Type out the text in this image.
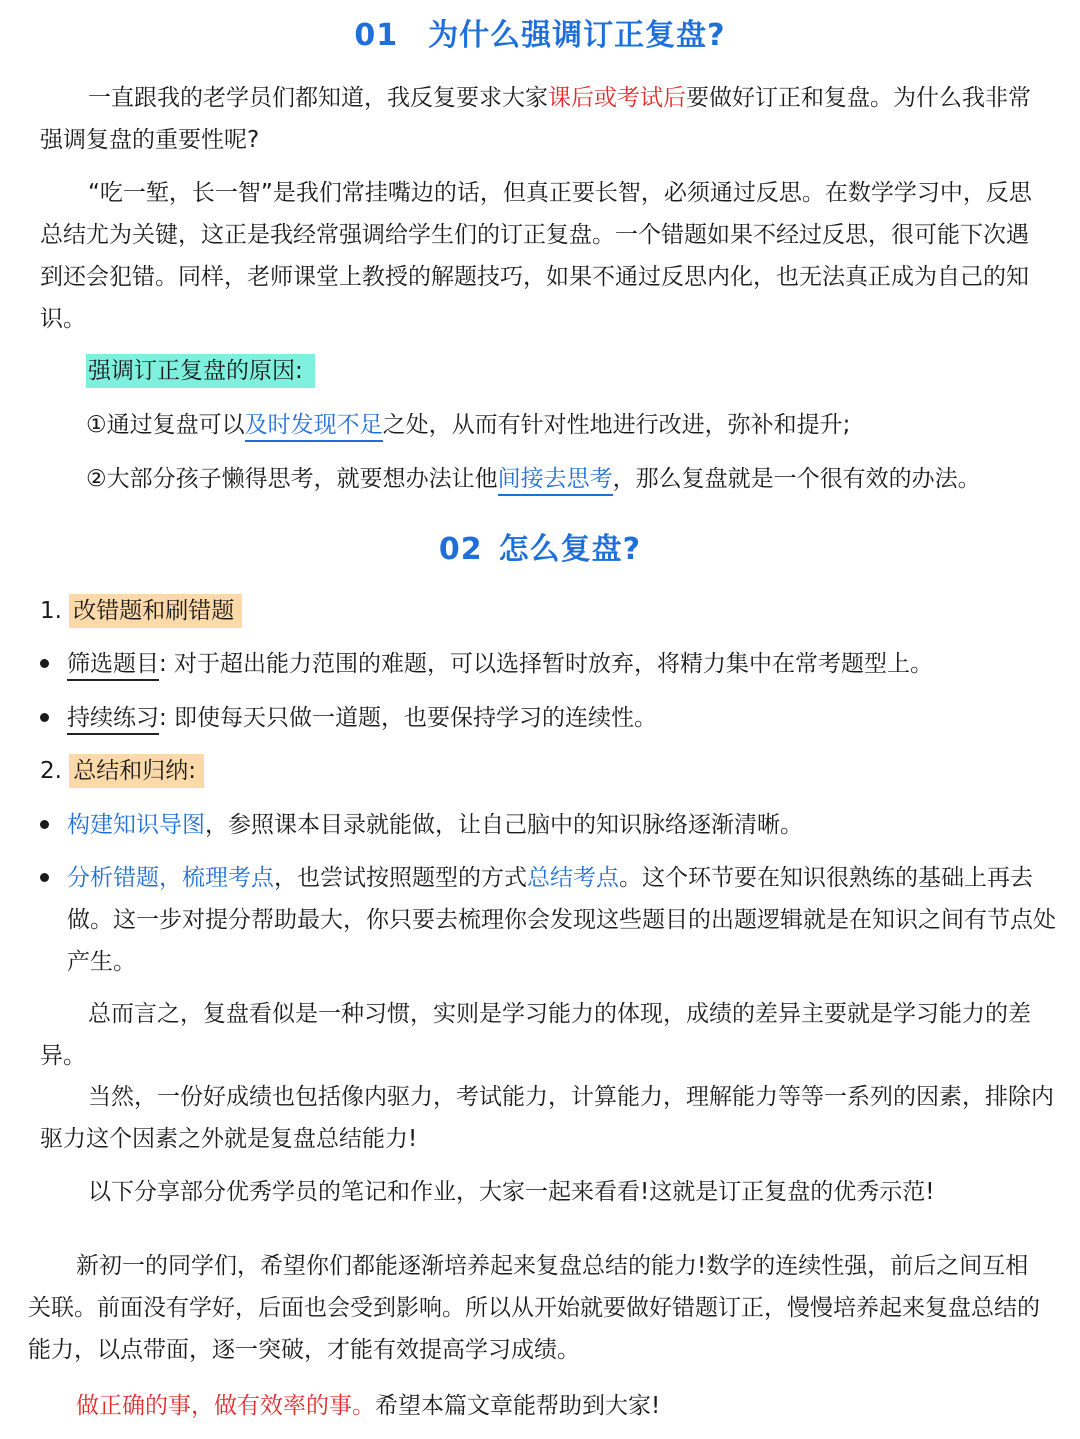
01 为什么强调订正复盘?

一直跟我的老学员们都知道，我反复要求大家课后或考试后要做好订正和复盘。为什么我非常强调复盘的重要性呢?

“吃一堑，长一智”是我们常挂嘴边的话，但真正要长智，必须通过反思。在数学学习中，反思总结尤为关键，这正是我经常强调给学生们的订正复盘。一个错题如果不经过反思，很可能下次遇到还会犯错。同样，老师课堂上教授的解题技巧，如果不通过反思内化，也无法真正成为自己的知识。

强调订正复盘的原因:

①通过复盘可以及时发现不足之处，从而有针对性地进行改进，弥补和提升;

②大部分孩子懒得思考，就要想办法让他间接去思考，那么复盘就是一个很有效的办法。

02 怎么复盘?
1. 改错题和刷错题

筛选题目: 对于超出能力范围的难题，可以选择暂时放弃，将精力集中在常考题型上。

持续练习: 即使每天只做一道题，也要保持学习的连续性。

2. 总结和归纳:

构建知识导图，参照课本目录就能做，让自己脑中的知识脉络逐渐清晰。

分析错题，梳理考点，也尝试按照题型的方式总结考点。这个环节要在知识很熟练的基础上再去做。这一步对提分帮助最大，你只要去梳理你会发现这些题目的出题逻辑就是在知识之间有节点处产生。

总而言之，复盘看似是一种习惯，实则是学习能力的体现，成绩的差异主要就是学习能力的差异。

当然，一份好成绩也包括像内驱力，考试能力，计算能力，理解能力等等一系列的因素，排除内驱力这个因素之外就是复盘总结能力!

以下分享部分优秀学员的笔记和作业，大家一起来看看!这就是订正复盘的优秀示范!

新初一的同学们，希望你们都能逐渐培养起来复盘总结的能力!数学的连续性强，前后之间互相关联。前面没有学好，后面也会受到影响。所以从开始就要做好错题订正，慢慢培养起来复盘总结的能力，以点带面，逐一突破，才能有效提高学习成绩。

做正确的事，做有效率的事。希望本篇文章能帮助到大家!
